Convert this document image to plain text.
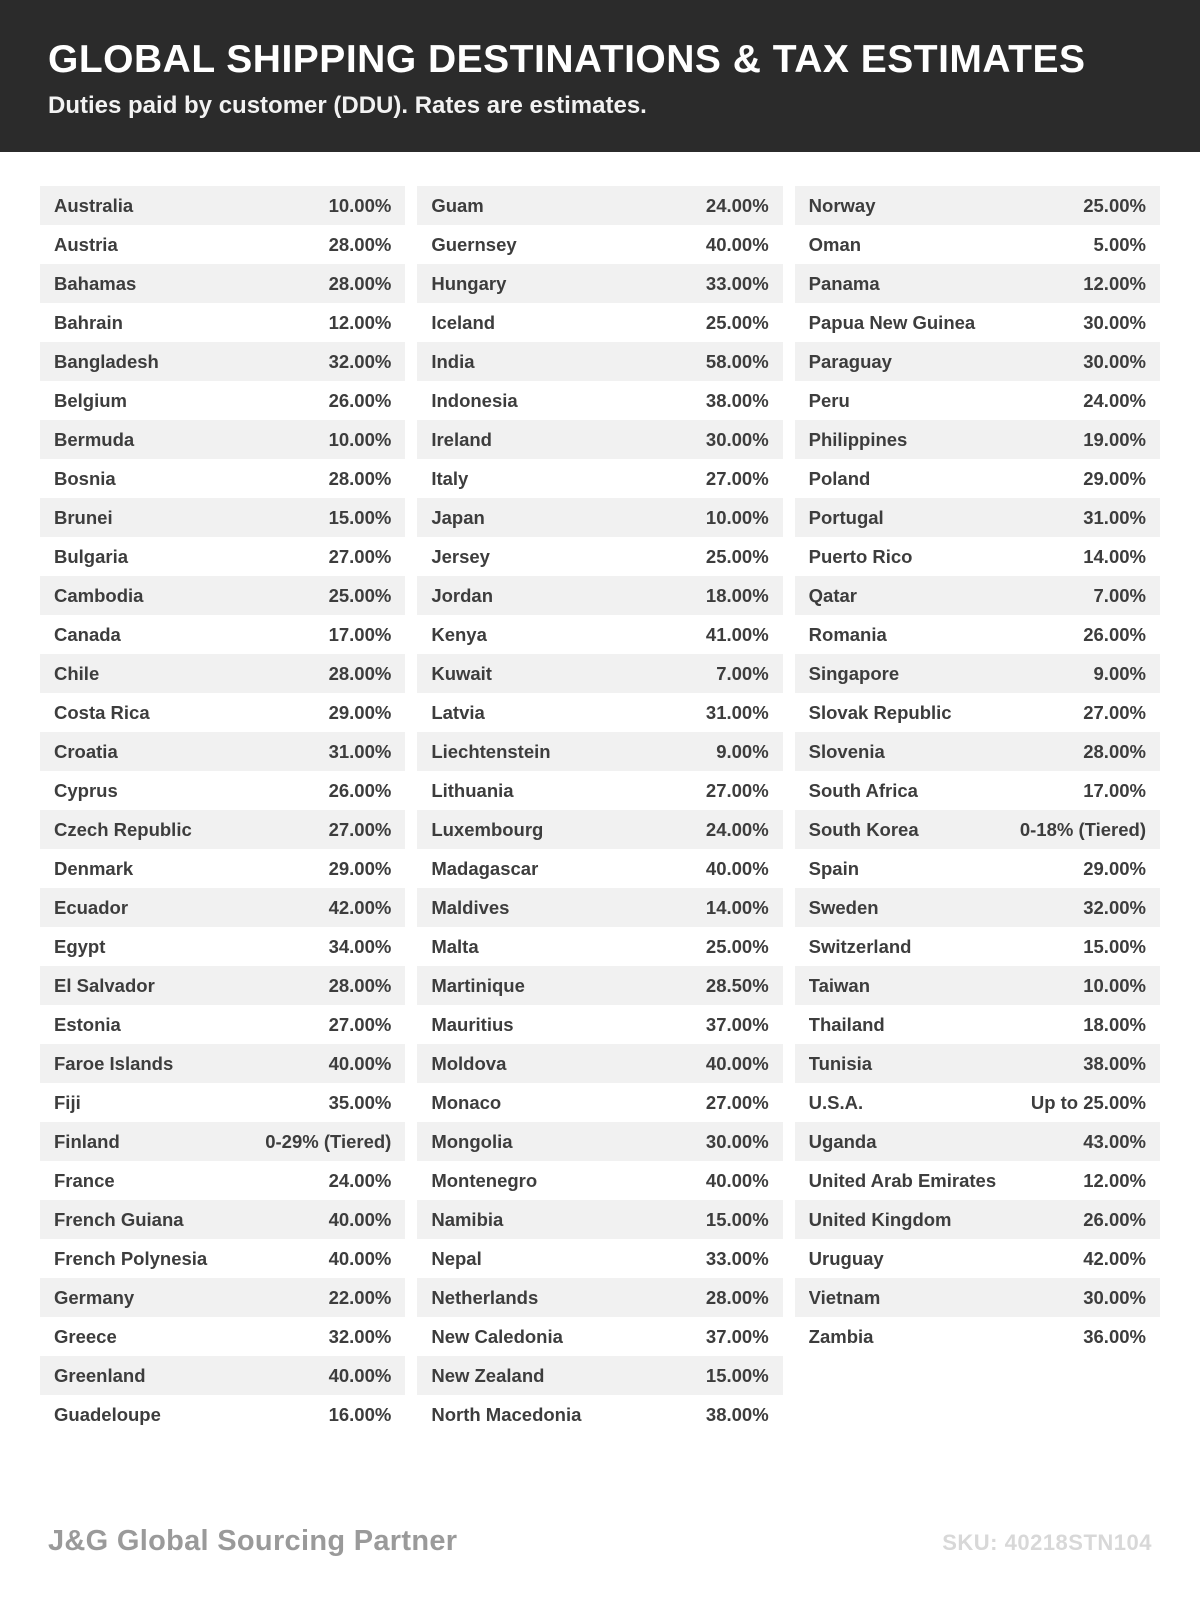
GLOBAL SHIPPING DESTINATIONS & TAX ESTIMATES

Duties paid by customer (DDU). Rates are estimates.

Australia	10.00%
Austria	28.00%
Bahamas	28.00%
Bahrain	12.00%
Bangladesh	32.00%
Belgium	26.00%
Bermuda	10.00%
Bosnia	28.00%
Brunei	15.00%
Bulgaria	27.00%
Cambodia	25.00%
Canada	17.00%
Chile	28.00%
Costa Rica	29.00%
Croatia	31.00%
Cyprus	26.00%
Czech Republic	27.00%
Denmark	29.00%
Ecuador	42.00%
Egypt	34.00%
El Salvador	28.00%
Estonia	27.00%
Faroe Islands	40.00%
Fiji	35.00%
Finland	0-29% (Tiered)
France	24.00%
French Guiana	40.00%
French Polynesia	40.00%
Germany	22.00%
Greece	32.00%
Greenland	40.00%
Guadeloupe	16.00%
Guam	24.00%
Guernsey	40.00%
Hungary	33.00%
Iceland	25.00%
India	58.00%
Indonesia	38.00%
Ireland	30.00%
Italy	27.00%
Japan	10.00%
Jersey	25.00%
Jordan	18.00%
Kenya	41.00%
Kuwait	7.00%
Latvia	31.00%
Liechtenstein	9.00%
Lithuania	27.00%
Luxembourg	24.00%
Madagascar	40.00%
Maldives	14.00%
Malta	25.00%
Martinique	28.50%
Mauritius	37.00%
Moldova	40.00%
Monaco	27.00%
Mongolia	30.00%
Montenegro	40.00%
Namibia	15.00%
Nepal	33.00%
Netherlands	28.00%
New Caledonia	37.00%
New Zealand	15.00%
North Macedonia	38.00%
Norway	25.00%
Oman	5.00%
Panama	12.00%
Papua New Guinea	30.00%
Paraguay	30.00%
Peru	24.00%
Philippines	19.00%
Poland	29.00%
Portugal	31.00%
Puerto Rico	14.00%
Qatar	7.00%
Romania	26.00%
Singapore	9.00%
Slovak Republic	27.00%
Slovenia	28.00%
South Africa	17.00%
South Korea	0-18% (Tiered)
Spain	29.00%
Sweden	32.00%
Switzerland	15.00%
Taiwan	10.00%
Thailand	18.00%
Tunisia	38.00%
U.S.A.	Up to 25.00%
Uganda	43.00%
United Arab Emirates	12.00%
United Kingdom	26.00%
Uruguay	42.00%
Vietnam	30.00%
Zambia	36.00%
J&G Global Sourcing Partner	SKU: 40218STN104
